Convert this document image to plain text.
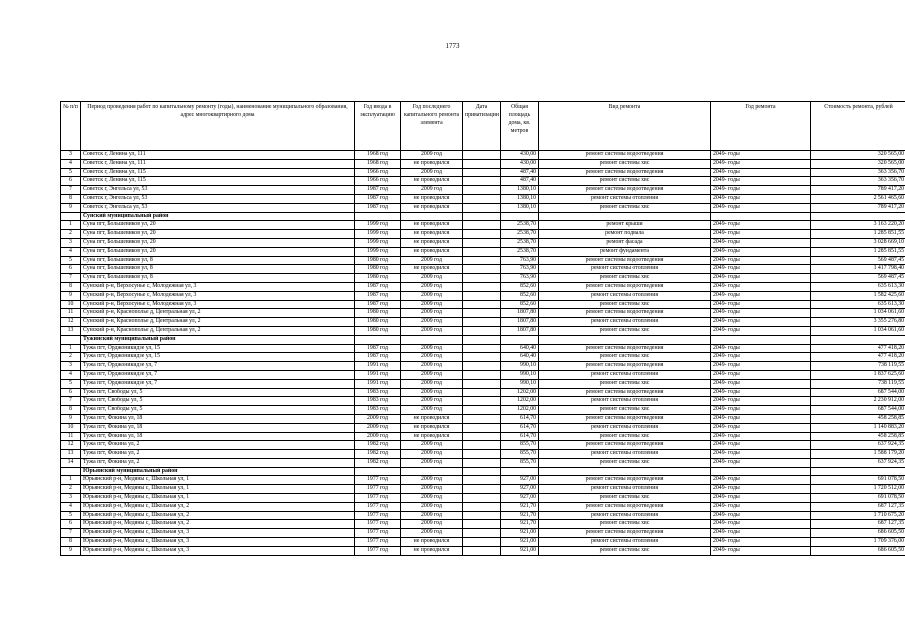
1773
№ п/п	Период проведения работ по капитальному ремонту (годы), наименование муниципального образования, адрес многоквартирного дома	Год ввода в эксплуатацию	Год последнего капитального ремонта элемента	Дата приватизации	Общая площадь дома, кв. метров	Вид ремонта	Год ремонта	Стоимость ремонта, рублей
3	Советск г, Ленина ул, 111	1968 год	2009 год		430,00	ремонт системы водоотведения	2049- годы	320 565,00
4	Советск г, Ленина ул, 111	1968 год	не проводился		430,00	ремонт системы хвс	2049- годы	320 565,00
5	Советск г, Ленина ул, 115	1966 год	2009 год		487,40	ремонт системы водоотведения	2049- годы	363 356,70
6	Советск г, Ленина ул, 115	1966 год	не проводился		487,40	ремонт системы хвс	2049- годы	363 356,70
7	Советск г, Энгельса ул, 53	1987 год	2009 год		1380,10	ремонт системы водоотведения	2049- годы	789 417,20
8	Советск г, Энгельса ул, 53	1987 год	не проводился		1380,10	ремонт системы отопления	2049- годы	2 561 465,60
9	Советск г, Энгельса ул, 53	1987 год	не проводился		1380,10	ремонт системы хвс	2049- годы	789 417,20
	Сунский муниципальный район							
1	Суна пгт, Большевиков ул, 20	1999 год	не проводился		2538,70	ремонт крыши	2049- годы	3 163 220,20
2	Суна пгт, Большевиков ул, 20	1999 год	не проводился		2538,70	ремонт подвала	2049- годы	1 285 851,55
3	Суна пгт, Большевиков ул, 20	1999 год	не проводился		2538,70	ремонт фасада	2049- годы	3 028 669,10
4	Суна пгт, Большевиков ул, 20	1999 год	не проводился		2538,70	ремонт фундамента	2049- годы	1 285 851,55
5	Суна пгт, Большевиков ул, 8	1980 год	2009 год		763,90	ремонт системы водоотведения	2049- годы	569 487,45
6	Суна пгт, Большевиков ул, 8	1980 год	не проводился		763,90	ремонт системы отопления	2049- годы	1 417 798,40
7	Суна пгт, Большевиков ул, 8	1980 год	2009 год		763,90	ремонт системы хвс	2049- годы	569 487,45
8	Сунский р-н, Верхосунье с, Молодежная ул, 3	1987 год	2009 год		852,60	ремонт системы водоотведения	2049- годы	635 613,30
9	Сунский р-н, Верхосунье с, Молодежная ул, 3	1987 год	2009 год		852,60	ремонт системы отопления	2049- годы	1 582 425,60
10	Сунский р-н, Верхосунье с, Молодежная ул, 3	1987 год	2009 год		852,60	ремонт системы хвс	2049- годы	635 613,30
11	Сунский р-н, Краснополье д, Центральная ул, 2	1980 год	2009 год		1807,80	ремонт системы водоотведения	2049- годы	1 034 061,60
12	Сунский р-н, Краснополье д, Центральная ул, 2	1980 год	2009 год		1807,80	ремонт системы отопления	2049- годы	3 355 276,80
13	Сунский р-н, Краснополье д, Центральная ул, 2	1980 год	2009 год		1807,80	ремонт системы хвс	2049- годы	1 034 061,60
	Тужинский муниципальный район							
1	Тужа пгт, Орджоникидзе ул, 15	1987 год	2009 год		640,40	ремонт системы водоотведения	2049- годы	477 418,20
2	Тужа пгт, Орджоникидзе ул, 15	1987 год	2009 год		640,40	ремонт системы хвс	2049- годы	477 418,20
3	Тужа пгт, Орджоникидзе ул, 7	1991 год	2009 год		990,10	ремонт системы водоотведения	2049- годы	738 119,55
4	Тужа пгт, Орджоникидзе ул, 7	1991 год	2009 год		990,10	ремонт системы отопления	2049- годы	1 837 625,60
5	Тужа пгт, Орджоникидзе ул, 7	1991 год	2009 год		990,10	ремонт системы хвс	2049- годы	738 119,55
6	Тужа пгт, Свободы ул, 5	1983 год	2009 год		1202,00	ремонт системы водоотведения	2049- годы	687 544,00
7	Тужа пгт, Свободы ул, 5	1983 год	2009 год		1202,00	ремонт системы отопления	2049- годы	2 230 912,00
8	Тужа пгт, Свободы ул, 5	1983 год	2009 год		1202,00	ремонт системы хвс	2049- годы	687 544,00
9	Тужа пгт, Фокина ул, 18	2009 год	не проводился		614,70	ремонт системы водоотведения	2049- годы	458 258,85
10	Тужа пгт, Фокина ул, 18	2009 год	не проводился		614,70	ремонт системы отопления	2049- годы	1 140 883,20
11	Тужа пгт, Фокина ул, 18	2009 год	не проводился		614,70	ремонт системы хвс	2049- годы	458 258,85
12	Тужа пгт, Фокина ул, 2	1982 год	2009 год		855,70	ремонт системы водоотведения	2049- годы	637 924,35
13	Тужа пгт, Фокина ул, 2	1982 год	2009 год		855,70	ремонт системы отопления	2049- годы	1 588 179,20
14	Тужа пгт, Фокина ул, 2	1982 год	2009 год		855,70	ремонт системы хвс	2049- годы	637 924,35
	Юрьянский муниципальный район							
1	Юрьянский р-н, Медяны с, Школьная ул, 1	1977 год	2009 год		927,00	ремонт системы водоотведения	2049- годы	691 078,50
2	Юрьянский р-н, Медяны с, Школьная ул, 1	1977 год	2009 год		927,00	ремонт системы отопления	2049- годы	1 720 512,00
3	Юрьянский р-н, Медяны с, Школьная ул, 1	1977 год	2009 год		927,00	ремонт системы хвс	2049- годы	691 078,50
4	Юрьянский р-н, Медяны с, Школьная ул, 2	1977 год	2009 год		921,70	ремонт системы водоотведения	2049- годы	687 127,35
5	Юрьянский р-н, Медяны с, Школьная ул, 2	1977 год	2009 год		921,70	ремонт системы отопления	2049- годы	1 710 675,20
6	Юрьянский р-н, Медяны с, Школьная ул, 2	1977 год	2009 год		921,70	ремонт системы хвс	2049- годы	687 127,35
7	Юрьянский р-н, Медяны с, Школьная ул, 3	1977 год	2009 год		921,00	ремонт системы водоотведения	2049- годы	686 605,50
8	Юрьянский р-н, Медяны с, Школьная ул, 3	1977 год	не проводился		921,00	ремонт системы отопления	2049- годы	1 709 376,00
9	Юрьянский р-н, Медяны с, Школьная ул, 3	1977 год	не проводился		921,00	ремонт системы хвс	2049- годы	686 605,50
